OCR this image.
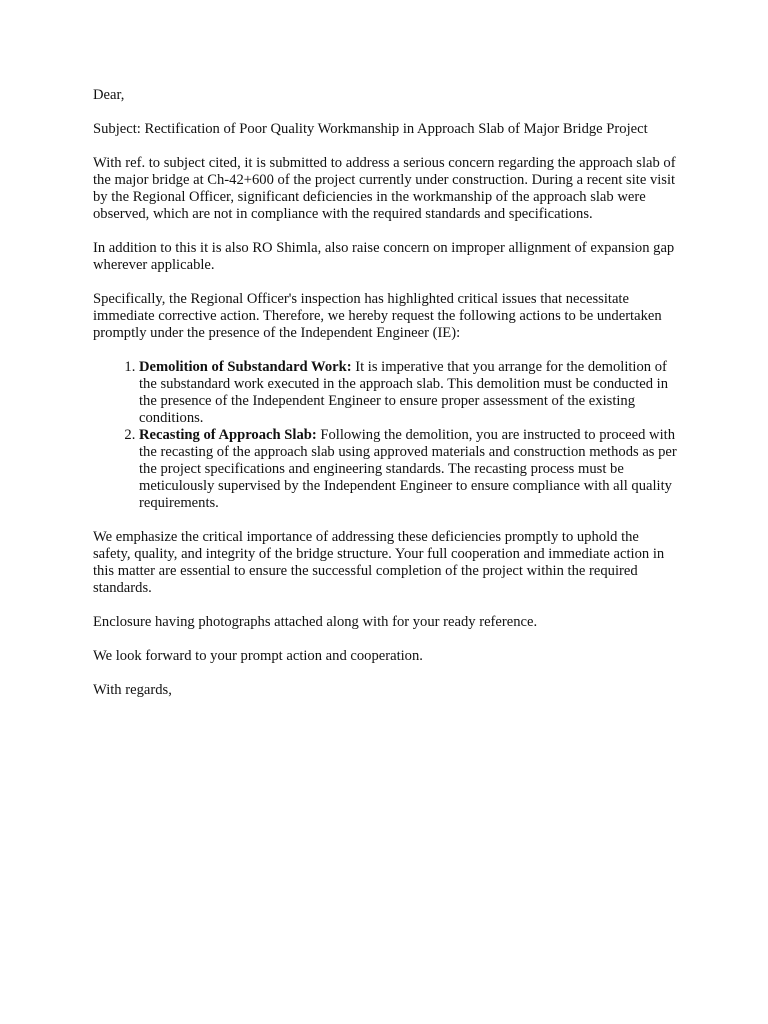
Dear,

Subject: Rectification of Poor Quality Workmanship in Approach Slab of Major Bridge Project

With ref. to subject cited, it is submitted to address a serious concern regarding the approach slab of the major bridge at Ch-42+600 of the project currently under construction. During a recent site visit by the Regional Officer, significant deficiencies in the workmanship of the approach slab were observed, which are not in compliance with the required standards and specifications.

In addition to this it is also RO Shimla, also raise concern on improper allignment of expansion gap wherever applicable.

Specifically, the Regional Officer's inspection has highlighted critical issues that necessitate immediate corrective action. Therefore, we hereby request the following actions to be undertaken promptly under the presence of the Independent Engineer (IE):

1. Demolition of Substandard Work: It is imperative that you arrange for the demolition of the substandard work executed in the approach slab. This demolition must be conducted in the presence of the Independent Engineer to ensure proper assessment of the existing conditions.
2. Recasting of Approach Slab: Following the demolition, you are instructed to proceed with the recasting of the approach slab using approved materials and construction methods as per the project specifications and engineering standards. The recasting process must be meticulously supervised by the Independent Engineer to ensure compliance with all quality requirements.

We emphasize the critical importance of addressing these deficiencies promptly to uphold the safety, quality, and integrity of the bridge structure. Your full cooperation and immediate action in this matter are essential to ensure the successful completion of the project within the required standards.

Enclosure having photographs attached along with for your ready reference.

We look forward to your prompt action and cooperation.

With regards,
